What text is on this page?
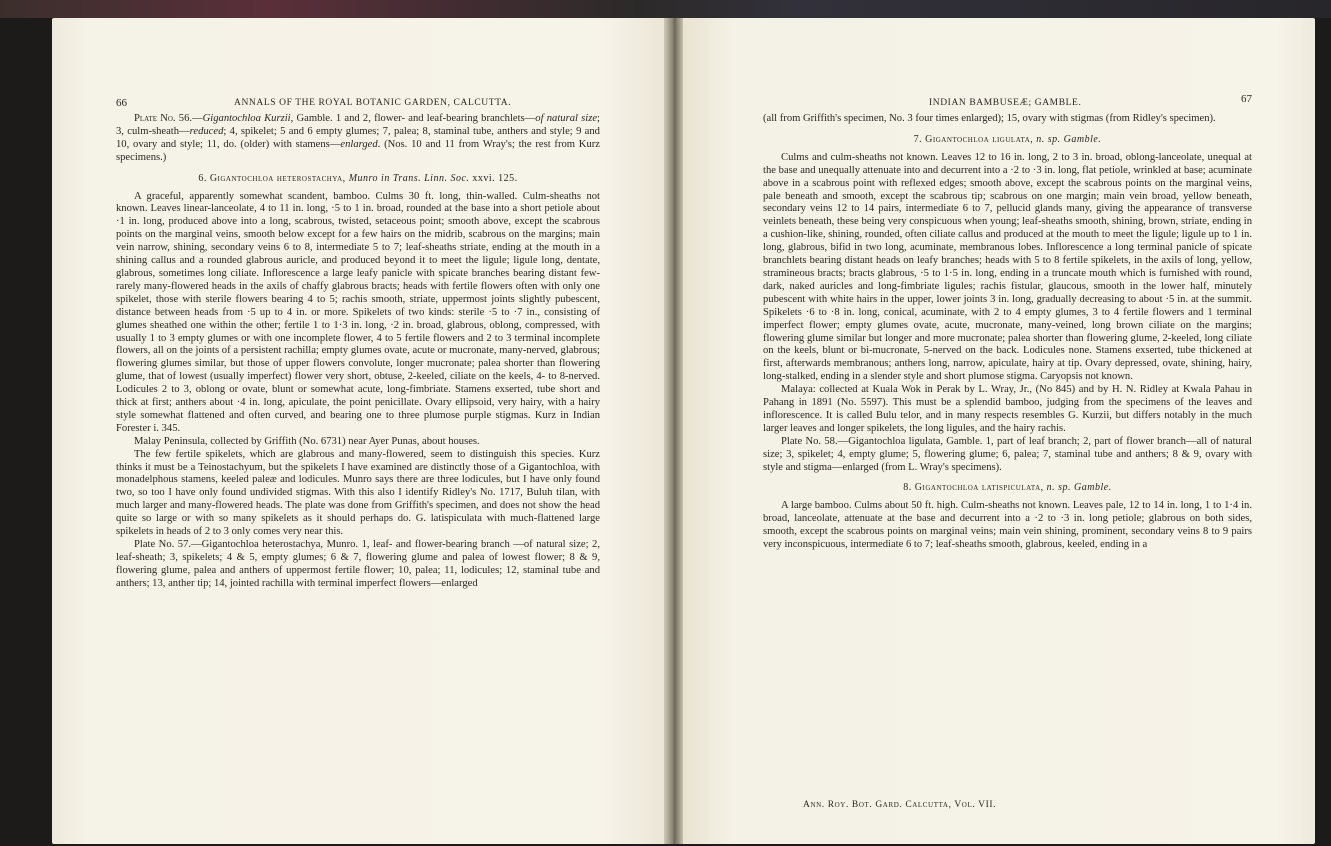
66	ANNALS OF THE ROYAL BOTANIC GARDEN, CALCUTTA.

Plate No. 56.—Gigantochloa Kurzii, Gamble. 1 and 2, flower- and leaf-bearing branchlets—of natural size; 3, culm-sheath—reduced; 4, spikelet; 5 and 6 empty glumes; 7, palea; 8, staminal tube, anthers and style; 9 and 10, ovary and style; 11, do. (older) with stamens—enlarged. (Nos. 10 and 11 from Wray's; the rest from Kurz specimens.)

6. Gigantochloa heterostachya, Munro in Trans. Linn. Soc. xxvi. 125.

A graceful, apparently somewhat scandent, bamboo. Culms 30 ft. long, thin-walled. Culm-sheaths not known. Leaves linear-lanceolate, 4 to 11 in. long, ·5 to 1 in. broad, rounded at the base into a short petiole about ·1 in. long, produced above into a long, scabrous, twisted, setaceous point; smooth above, except the scabrous points on the marginal veins, smooth below except for a few hairs on the midrib, scabrous on the margins; main vein narrow, shining, secondary veins 6 to 8, intermediate 5 to 7; leaf-sheaths striate, ending at the mouth in a shining callus and a rounded glabrous auricle, and produced beyond it to meet the ligule; ligule long, dentate, glabrous, sometimes long ciliate. Inflorescence a large leafy panicle with spicate branches bearing distant few- rarely many-flowered heads in the axils of chaffy glabrous bracts; heads with fertile flowers often with only one spikelet, those with sterile flowers bearing 4 to 5; rachis smooth, striate, uppermost joints slightly pubescent, distance between heads from ·5 up to 4 in. or more. Spikelets of two kinds: sterile ·5 to ·7 in., consisting of glumes sheathed one within the other; fertile 1 to 1·3 in. long, ·2 in. broad, glabrous, oblong, compressed, with usually 1 to 3 empty glumes or with one incomplete flower, 4 to 5 fertile flowers and 2 to 3 terminal incomplete flowers, all on the joints of a persistent rachilla; empty glumes ovate, acute or mucronate, many-nerved, glabrous; flowering glumes similar, but those of upper flowers convolute, longer mucronate; palea shorter than flowering glume, that of lowest (usually imperfect) flower very short, obtuse, 2-keeled, ciliate on the keels, 4- to 8-nerved. Lodicules 2 to 3, oblong or ovate, blunt or somewhat acute, long-fimbriate. Stamens exserted, tube short and thick at first; anthers about ·4 in. long, apiculate, the point penicillate. Ovary ellipsoid, very hairy, with a hairy style somewhat flattened and often curved, and bearing one to three plumose purple stigmas. Kurz in Indian Forester i. 345.

Malay Peninsula, collected by Griffith (No. 6731) near Ayer Punas, about houses.

The few fertile spikelets, which are glabrous and many-flowered, seem to distinguish this species. Kurz thinks it must be a Teinostachyum, but the spikelets I have examined are distinctly those of a Gigantochloa, with monadelphous stamens, keeled paleæ and lodicules. Munro says there are three lodicules, but I have only found two, so too I have only found undivided stigmas. With this also I identify Ridley's No. 1717, Buluh tilan, with much larger and many-flowered heads. The plate was done from Griffith's specimen, and does not show the head quite so large or with so many spikelets as it should perhaps do. G. latispiculata with much-flattened large spikelets in heads of 2 to 3 only comes very near this.

Plate No. 57.—Gigantochloa heterostachya, Munro. 1, leaf- and flower-bearing branch —of natural size; 2, leaf-sheath; 3, spikelets; 4 & 5, empty glumes; 6 & 7, flowering glume and palea of lowest flower; 8 & 9, flowering glume, palea and anthers of uppermost fertile flower; 10, palea; 11, lodicules; 12, staminal tube and anthers; 13, anther tip; 14, jointed rachilla with terminal imperfect flowers—enlarged

INDIAN BAMBUSEÆ; GAMBLE.	67

(all from Griffith's specimen, No. 3 four times enlarged); 15, ovary with stigmas (from Ridley's specimen).

7. Gigantochloa ligulata, n. sp. Gamble.

Culms and culm-sheaths not known. Leaves 12 to 16 in. long, 2 to 3 in. broad, oblong-lanceolate, unequal at the base and unequally attenuate into and decurrent into a ·2 to ·3 in. long, flat petiole, wrinkled at base; acuminate above in a scabrous point with reflexed edges; smooth above, except the scabrous points on the marginal veins, pale beneath and smooth, except the scabrous tip; scabrous on one margin; main vein broad, yellow beneath, secondary veins 12 to 14 pairs, intermediate 6 to 7, pellucid glands many, giving the appearance of transverse veinlets beneath, these being very conspicuous when young; leaf-sheaths smooth, shining, brown, striate, ending in a cushion-like, shining, rounded, often ciliate callus and produced at the mouth to meet the ligule; ligule up to 1 in. long, glabrous, bifid in two long, acuminate, membranous lobes. Inflorescence a long terminal panicle of spicate branchlets bearing distant heads on leafy branches; heads with 5 to 8 fertile spikelets, in the axils of long, yellow, stramineous bracts; bracts glabrous, ·5 to 1·5 in. long, ending in a truncate mouth which is furnished with round, dark, naked auricles and long-fimbriate ligules; rachis fistular, glaucous, smooth in the lower half, minutely pubescent with white hairs in the upper, lower joints 3 in. long, gradually decreasing to about ·5 in. at the summit. Spikelets ·6 to ·8 in. long, conical, acuminate, with 2 to 4 empty glumes, 3 to 4 fertile flowers and 1 terminal imperfect flower; empty glumes ovate, acute, mucronate, many-veined, long brown ciliate on the margins; flowering glume similar but longer and more mucronate; palea shorter than flowering glume, 2-keeled, long ciliate on the keels, blunt or bi-mucronate, 5-nerved on the back. Lodicules none. Stamens exserted, tube thickened at first, afterwards membranous; anthers long, narrow, apiculate, hairy at tip. Ovary depressed, ovate, shining, hairy, long-stalked, ending in a slender style and short plumose stigma. Caryopsis not known.

Malaya: collected at Kuala Wok in Perak by L. Wray, Jr., (No 845) and by H. N. Ridley at Kwala Pahau in Pahang in 1891 (No. 5597). This must be a splendid bamboo, judging from the specimens of the leaves and inflorescence. It is called Bulu telor, and in many respects resembles G. Kurzii, but differs notably in the much larger leaves and longer spikelets, the long ligules, and the hairy rachis.

Plate No. 58.—Gigantochloa ligulata, Gamble. 1, part of leaf branch; 2, part of flower branch—all of natural size; 3, spikelet; 4, empty glume; 5, flowering glume; 6, palea; 7, staminal tube and anthers; 8 & 9, ovary with style and stigma—enlarged (from L. Wray's specimens).

8. Gigantochloa latispiculata, n. sp. Gamble.

A large bamboo. Culms about 50 ft. high. Culm-sheaths not known. Leaves pale, 12 to 14 in. long, 1 to 1·4 in. broad, lanceolate, attenuate at the base and decurrent into a ·2 to ·3 in. long petiole; glabrous on both sides, smooth, except the scabrous points on marginal veins; main vein shining, prominent, secondary veins 8 to 9 pairs very inconspicuous, intermediate 6 to 7; leaf-sheaths smooth, glabrous, keeled, ending in a

Ann. Roy. Bot. Gard. Calcutta, Vol. VII.
